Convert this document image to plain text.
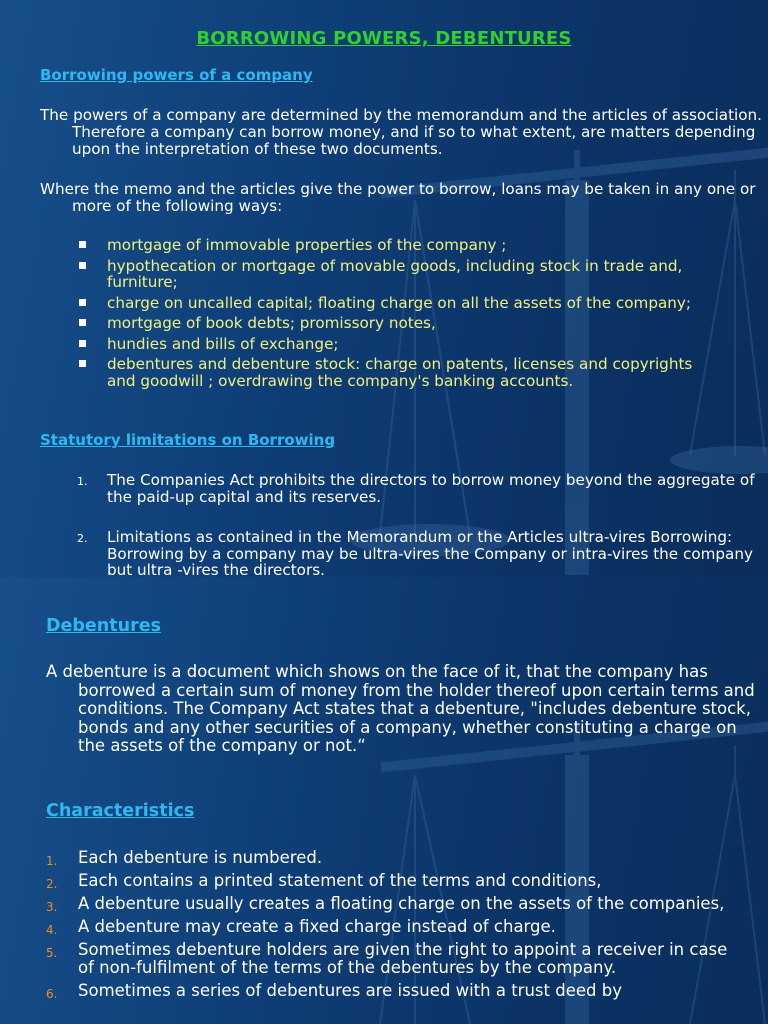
BORROWING POWERS, DEBENTURES
Borrowing powers of a company

The powers of a company are determined by the memorandum and the articles of association. Therefore a company can borrow money, and if so to what extent, are matters depending upon the interpretation of these two documents.

Where the memo and the articles give the power to borrow, loans may be taken in any one or more of the following ways:

mortgage of immovable properties of the company ;
hypothecation or mortgage of movable goods, including stock in trade and, furniture;
charge on uncalled capital; floating charge on all the assets of the company;
mortgage of book debts; promissory notes,
hundies and bills of exchange;
debentures and debenture stock: charge on patents, licenses and copyrights and goodwill ; overdrawing the company's banking accounts.
Statutory limitations on Borrowing
1. The Companies Act prohibits the directors to borrow money beyond the aggregate of the paid-up capital and its reserves.
2. Limitations as contained in the Memorandum or the Articles ultra-vires Borrowing: Borrowing by a company may be ultra-vires the Company or intra-vires the company but ultra -vires the directors.
Debentures

A debenture is a document which shows on the face of it, that the company has borrowed a certain sum of money from the holder thereof upon certain terms and conditions. The Company Act states that a debenture, "includes debenture stock, bonds and any other securities of a company, whether constituting a charge on the assets of the company or not.“

Characteristics
1. Each debenture is numbered.
2. Each contains a printed statement of the terms and conditions,
3. A debenture usually creates a floating charge on the assets of the companies,
4. A debenture may create a fixed charge instead of charge.
5. Sometimes debenture holders are given the right to appoint a receiver in case of non-fulfilment of the terms of the debentures by the company.
6. Sometimes a series of debentures are issued with a trust deed by
